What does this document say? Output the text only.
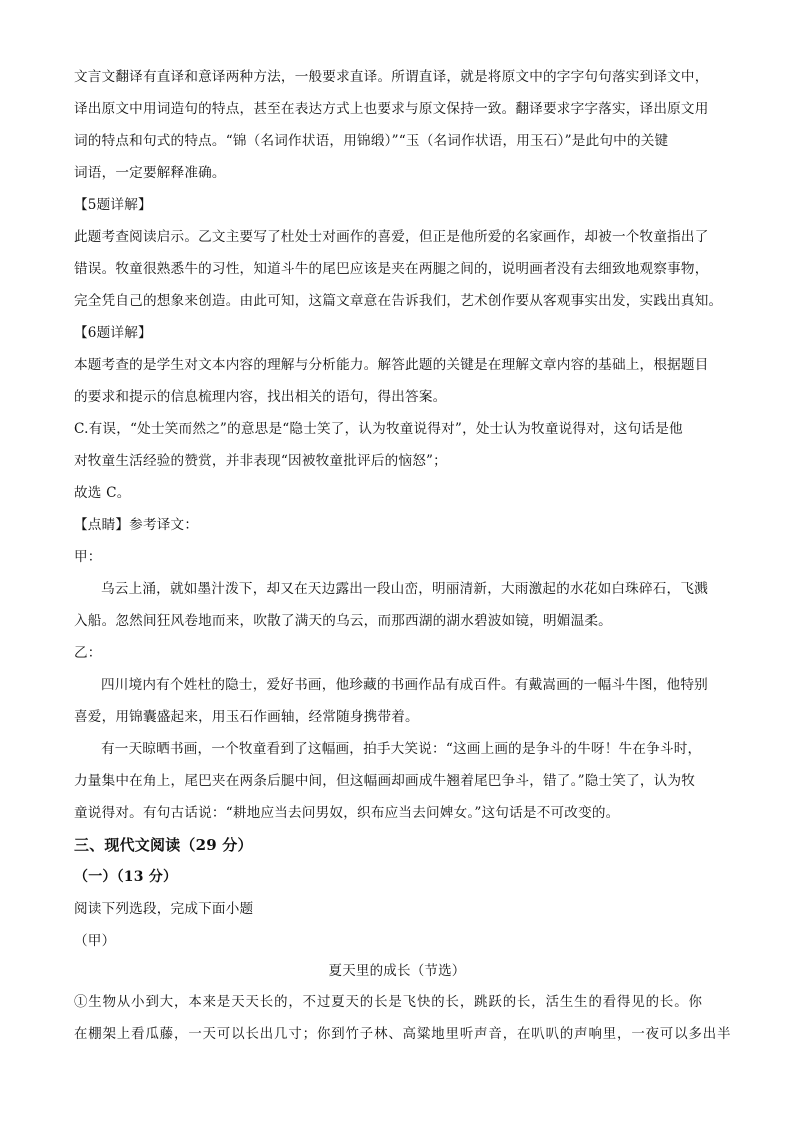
文言文翻译有直译和意译两种方法，一般要求直译。所谓直译，就是将原文中的字字句句落实到译文中，
译出原文中用词造句的特点，甚至在表达方式上也要求与原文保持一致。翻译要求字字落实，译出原文用
词的特点和句式的特点。“锦（名词作状语，用锦缎）”“玉（名词作状语，用玉石）”是此句中的关键
词语，一定要解释准确。
【5题详解】
此题考查阅读启示。乙文主要写了杜处士对画作的喜爱，但正是他所爱的名家画作，却被一个牧童指出了
错误。牧童很熟悉牛的习性，知道斗牛的尾巴应该是夹在两腿之间的，说明画者没有去细致地观察事物，
完全凭自己的想象来创造。由此可知，这篇文章意在告诉我们，艺术创作要从客观事实出发，实践出真知。
【6题详解】
本题考查的是学生对文本内容的理解与分析能力。解答此题的关键是在理解文章内容的基础上，根据题目
的要求和提示的信息梳理内容，找出相关的语句，得出答案。
C.有误，“处士笑而然之”的意思是“隐士笑了，认为牧童说得对”，处士认为牧童说得对，这句话是他
对牧童生活经验的赞赏，并非表现“因被牧童批评后的恼怒”；
故选 C。
【点睛】参考译文：
甲：
乌云上涌，就如墨汁泼下，却又在天边露出一段山峦，明丽清新，大雨激起的水花如白珠碎石，飞溅
入船。忽然间狂风卷地而来，吹散了满天的乌云，而那西湖的湖水碧波如镜，明媚温柔。
乙：
四川境内有个姓杜的隐士，爱好书画，他珍藏的书画作品有成百件。有戴嵩画的一幅斗牛图，他特别
喜爱，用锦囊盛起来，用玉石作画轴，经常随身携带着。
有一天晾晒书画，一个牧童看到了这幅画，拍手大笑说：“这画上画的是争斗的牛呀！牛在争斗时，
力量集中在角上，尾巴夹在两条后腿中间，但这幅画却画成牛翘着尾巴争斗，错了。”隐士笑了，认为牧
童说得对。有句古话说：“耕地应当去问男奴，织布应当去问婢女。”这句话是不可改变的。
三、现代文阅读（29 分）
（一）（13 分）
阅读下列选段，完成下面小题
（甲）
夏天里的成长（节选）
①生物从小到大，本来是天天长的，不过夏天的长是飞快的长，跳跃的长，活生生的看得见的长。你
在棚架上看瓜藤，一天可以长出几寸；你到竹子林、高粱地里听声音，在叭叭的声响里，一夜可以多出半
